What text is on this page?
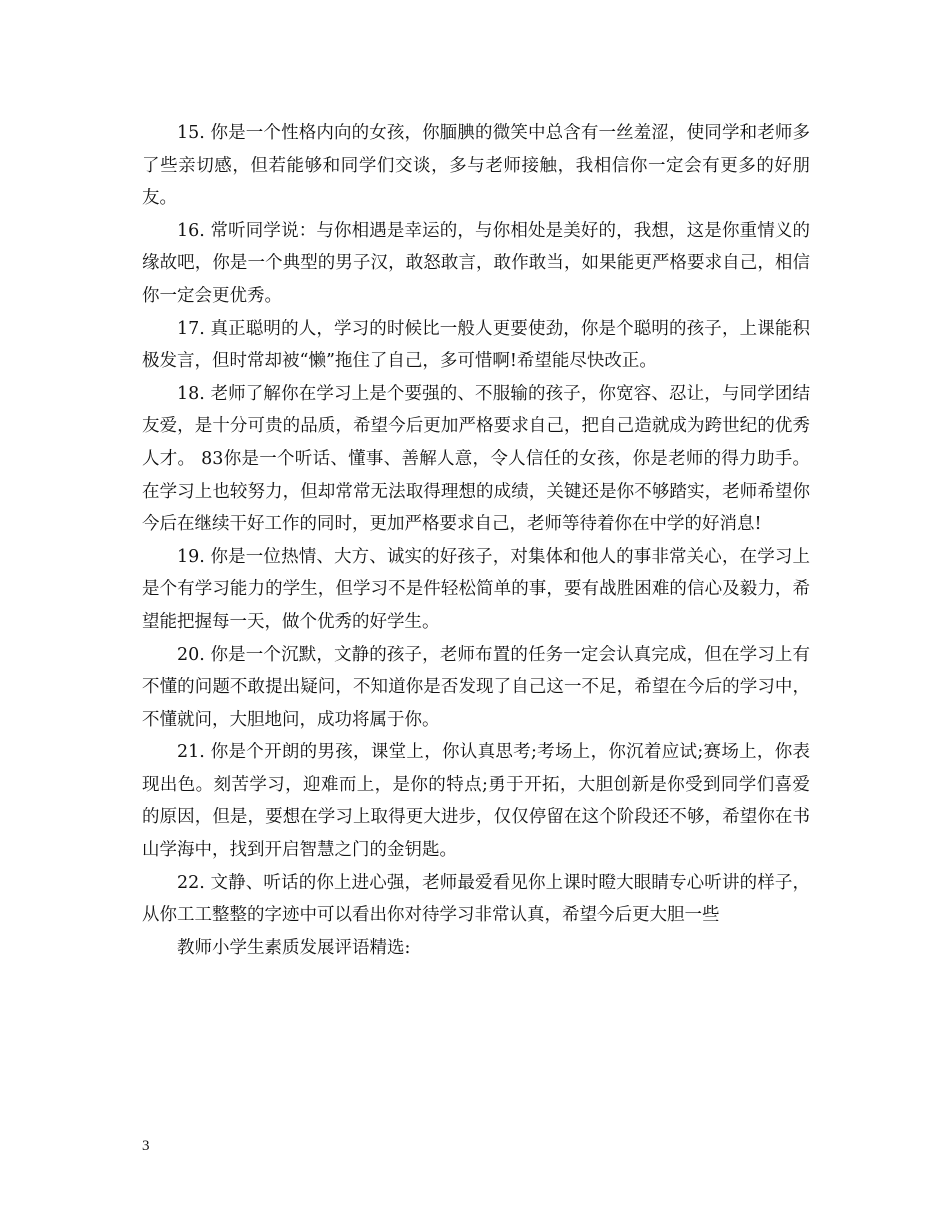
15. 你是一个性格内向的女孩，你腼腆的微笑中总含有一丝羞涩，使同学和老师多了些亲切感，但若能够和同学们交谈，多与老师接触，我相信你一定会有更多的好朋友。

16. 常听同学说：与你相遇是幸运的，与你相处是美好的，我想，这是你重情义的缘故吧，你是一个典型的男子汉，敢怒敢言，敢作敢当，如果能更严格要求自己，相信你一定会更优秀。

17. 真正聪明的人，学习的时候比一般人更要使劲，你是个聪明的孩子，上课能积极发言，但时常却被“懒”拖住了自己，多可惜啊!希望能尽快改正。

18. 老师了解你在学习上是个要强的、不服输的孩子，你宽容、忍让，与同学团结友爱，是十分可贵的品质，希望今后更加严格要求自己，把自己造就成为跨世纪的优秀人才。 83你是一个听话、懂事、善解人意，令人信任的女孩，你是老师的得力助手。在学习上也较努力，但却常常无法取得理想的成绩，关键还是你不够踏实，老师希望你今后在继续干好工作的同时，更加严格要求自己，老师等待着你在中学的好消息!

19. 你是一位热情、大方、诚实的好孩子，对集体和他人的事非常关心，在学习上是个有学习能力的学生，但学习不是件轻松简单的事，要有战胜困难的信心及毅力，希望能把握每一天，做个优秀的好学生。

20. 你是一个沉默，文静的孩子，老师布置的任务一定会认真完成，但在学习上有不懂的问题不敢提出疑问，不知道你是否发现了自己这一不足，希望在今后的学习中，不懂就问，大胆地问，成功将属于你。

21. 你是个开朗的男孩，课堂上，你认真思考;考场上，你沉着应试;赛场上，你表现出色。刻苦学习，迎难而上，是你的特点;勇于开拓，大胆创新是你受到同学们喜爱的原因，但是，要想在学习上取得更大进步，仅仅停留在这个阶段还不够，希望你在书山学海中，找到开启智慧之门的金钥匙。

22. 文静、听话的你上进心强，老师最爱看见你上课时瞪大眼睛专心听讲的样子，从你工工整整的字迹中可以看出你对待学习非常认真，希望今后更大胆一些

教师小学生素质发展评语精选:

3
